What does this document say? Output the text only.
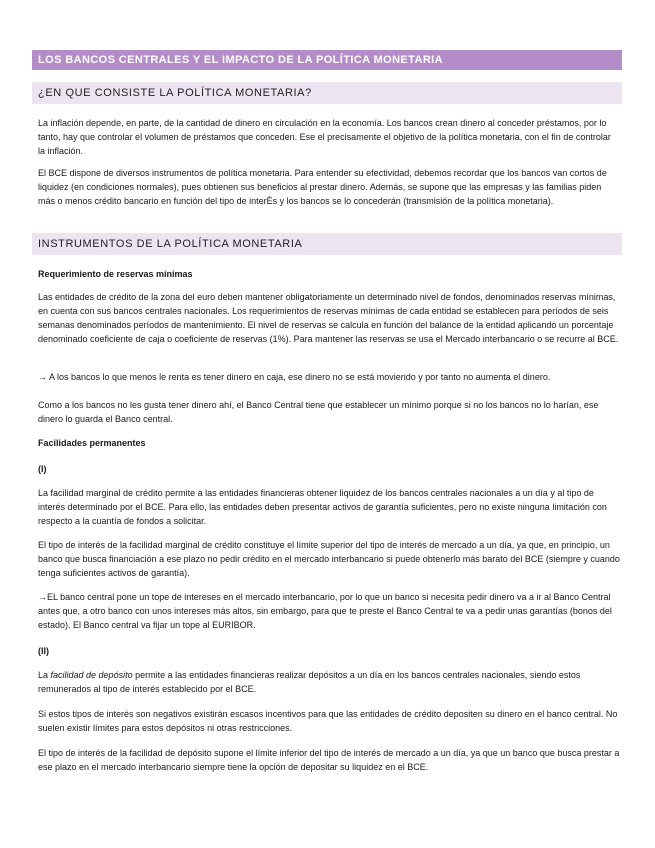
LOS BANCOS CENTRALES Y EL IMPACTO DE LA POLÍTICA MONETARIA
¿EN QUE CONSISTE LA POLÍTICA MONETARIA?

La inflación depende, en parte, de la cantidad de dinero en circulación en la economía. Los bancos crean dinero al conceder préstamos, por lo tanto, hay que controlar el volumen de préstamos que conceden. Ese el precisamente el objetivo de la política monetaria, con el fin de controlar la inflación.

El BCE dispone de diversos instrumentos de política monetaria. Para entender su efectividad, debemos recordar que los bancos van cortos de liquidez (en condiciones normales), pues obtienen sus beneficios al prestar dinero. Además, se supone que las empresas y las familias piden más o menos crédito bancario en función del tipo de interÈs y los bancos se lo concederán (transmisión de la política monetaria).

INSTRUMENTOS DE LA POLÍTICA MONETARIA

Requerimiento de reservas mínimas

Las entidades de crédito de la zona del euro deben mantener obligatoriamente un determinado nivel de fondos, denominados reservas mínimas, en cuenta con sus bancos centrales nacionales. Los requerimientos de reservas mínimas de cada entidad se establecen para períodos de seis semanas denominados períodos de mantenimiento. El nivel de reservas se calcula en función del balance de la entidad aplicando un porcentaje denominado coeficiente de caja o coeficiente de reservas (1%). Para mantener las reservas se usa el Mercado interbancario o se recurre al BCE.

→ A los bancos lo que menos le renta es tener dinero en caja, ese dinero no se está moviendo y por tanto no aumenta el dinero.

Como a los bancos no les gusta tener dinero ahí, el Banco Central tiene que establecer un mínimo porque si no los bancos no lo harían, ese dinero lo guarda el Banco central.

Facilidades permanentes

(I)

La facilidad marginal de crédito permite a las entidades financieras obtener liquidez de los bancos centrales nacionales a un día y al tipo de interés determinado por el BCE. Para ello, las entidades deben presentar activos de garantía suficientes, pero no existe ninguna limitación con respecto a la cuantía de fondos a solicitar.

El tipo de interés de la facilidad marginal de crédito constituye el límite superior del tipo de interés de mercado a un día, ya que, en principio, un banco que busca financiación a ese plazo no pedir crédito en el mercado interbancario si puede obtenerlo más barato del BCE (siempre y cuando tenga suficientes activos de garantía).

→EL banco central pone un tope de intereses en el mercado interbancario, por lo que un banco si necesita pedir dinero va a ir al Banco Central antes que, a otro banco con unos intereses más altos, sin embargo, para que te preste el Banco Central te va a pedir unas garantías (bonos del estado). El Banco central va fijar un tope al EURIBOR.

(II)

La facilidad de depósito permite a las entidades financieras realizar depósitos a un día en los bancos centrales nacionales, siendo estos remunerados al tipo de interés establecido por el BCE.

Si estos tipos de interés son negativos existirán escasos incentivos para que las entidades de crédito depositen su dinero en el banco central. No suelen existir límites para estos depósitos ni otras restricciones.

El tipo de interés de la facilidad de depósito supone el límite inferior del tipo de interés de mercado a un día, ya que un banco que busca prestar a ese plazo en el mercado interbancario siempre tiene la opción de depositar su liquidez en el BCE.
